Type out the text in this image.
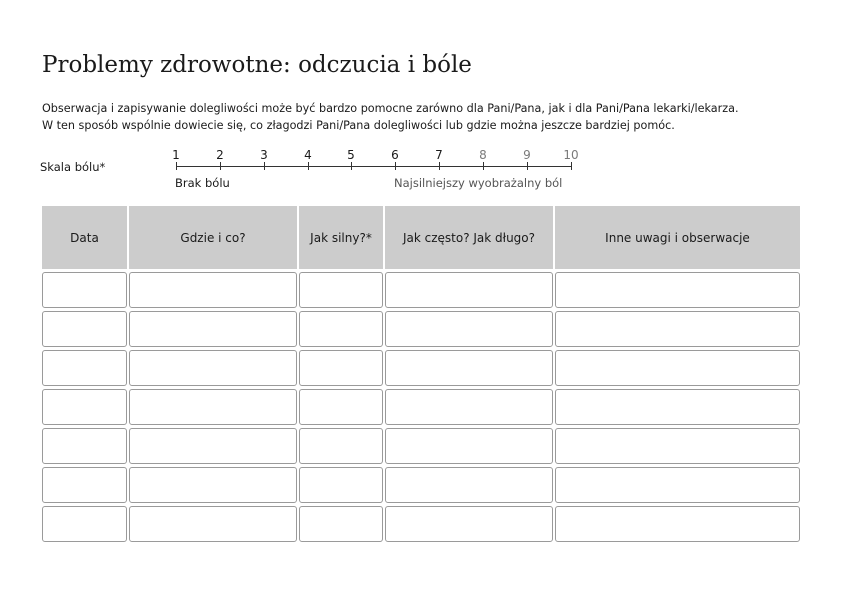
Problemy zdrowotne: odczucia i bóle
Obserwacja i zapisywanie dolegliwości może być bardzo pomocne zarówno dla Pani/Pana, jak i dla Pani/Pana lekarki/lekarza.
W ten sposób wspólnie dowiecie się, co złagodzi Pani/Pana dolegliwości lub gdzie można jeszcze bardziej pomóc.
Skala bólu*
1	2	3	4	5	6	7	8	9	10
Brak bólu	Najsilniejszy wyobrażalny ból
Data	Gdzie i co?	Jak silny?*	Jak często? Jak długo?	Inne uwagi i obserwacje
